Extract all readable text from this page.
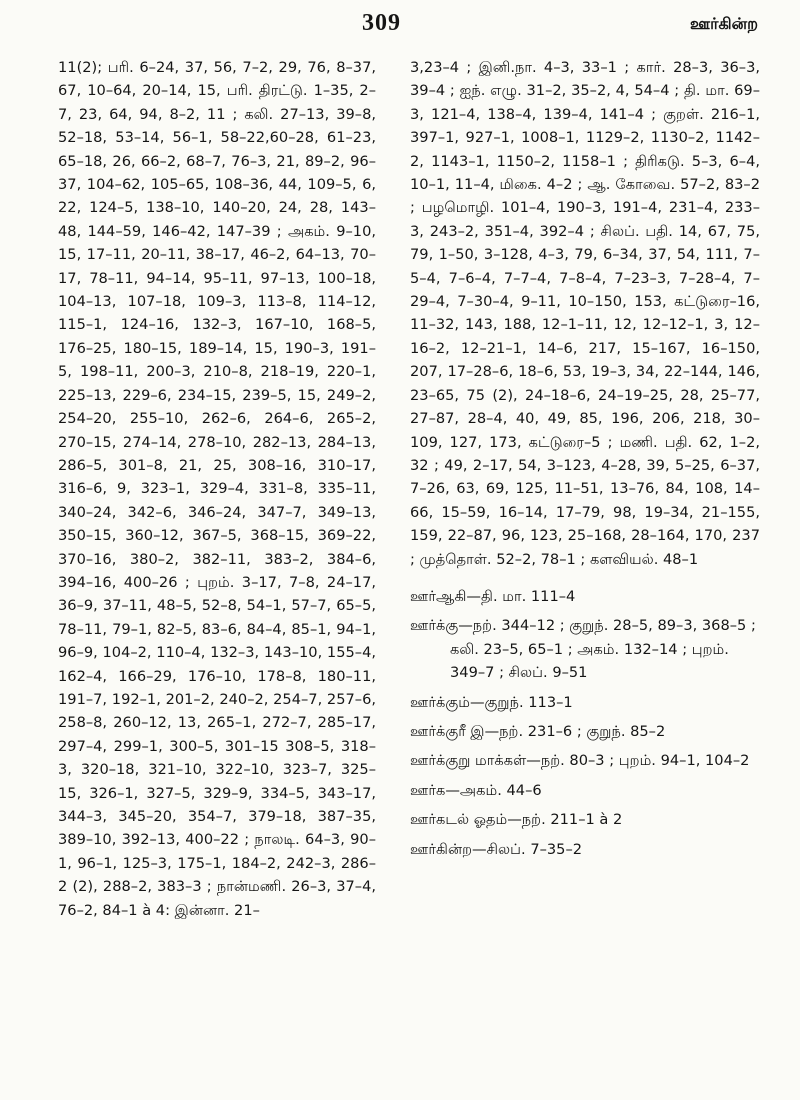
309	ஊர்கின்ற

11(2); பரி. 6–24, 37, 56, 7–2, 29, 76, 8–37, 67, 10–64, 20–14, 15, பரி. திரட்டு. 1–35, 2–7, 23, 64, 94, 8–2, 11 ; கலி. 27–13, 39–8, 52–18, 53–14, 56–1, 58–22,60–28, 61–23, 65–18, 26, 66–2, 68–7, 76–3, 21, 89–2, 96–37, 104–62, 105–65, 108–36, 44, 109–5, 6, 22, 124–5, 138–10, 140–20, 24, 28, 143–48, 144–59, 146–42, 147–39 ; அகம். 9–10, 15, 17–11, 20–11, 38–17, 46–2, 64–13, 70–17, 78–11, 94–14, 95–11, 97–13, 100–18, 104–13, 107–18, 109–3, 113–8, 114–12, 115–1, 124–16, 132–3, 167–10, 168–5, 176–25, 180–15, 189–14, 15, 190–3, 191–5, 198–11, 200–3, 210–8, 218–19, 220–1, 225–13, 229–6, 234–15, 239–5, 15, 249–2, 254–20, 255–10, 262–6, 264–6, 265–2, 270–15, 274–14, 278–10, 282–13, 284–13, 286–5, 301–8, 21, 25, 308–16, 310–17, 316–6, 9, 323–1, 329–4, 331–8, 335–11, 340–24, 342–6, 346–24, 347–7, 349–13, 350–15, 360–12, 367–5, 368–15, 369–22, 370–16, 380–2, 382–11, 383–2, 384–6, 394–16, 400–26 ; புறம். 3–17, 7–8, 24–17, 36–9, 37–11, 48–5, 52–8, 54–1, 57–7, 65–5, 78–11, 79–1, 82–5, 83–6, 84–4, 85–1, 94–1, 96–9, 104–2, 110–4, 132–3, 143–10, 155–4, 162–4, 166–29, 176–10, 178–8, 180–11, 191–7, 192–1, 201–2, 240–2, 254–7, 257–6, 258–8, 260–12, 13, 265–1, 272–7, 285–17, 297–4, 299–1, 300–5, 301–15 308–5, 318–3, 320–18, 321–10, 322–10, 323–7, 325–15, 326–1, 327–5, 329–9, 334–5, 343–17, 344–3, 345–20, 354–7, 379–18, 387–35, 389–10, 392–13, 400–22 ; நாலடி. 64–3, 90–1, 96–1, 125–3, 175–1, 184–2, 242–3, 286–2 (2), 288–2, 383–3 ; நான்மணி. 26–3, 37–4, 76–2, 84–1 à 4: இன்னா. 21–

3,23–4 ; இனி.நா. 4–3, 33–1 ; கார். 28–3, 36–3, 39–4 ; ஐந். எழு. 31–2, 35–2, 4, 54–4 ; தி. மா. 69–3, 121–4, 138–4, 139–4, 141–4 ; குறள். 216–1, 397–1, 927–1, 1008–1, 1129–2, 1130–2, 1142–2, 1143–1, 1150–2, 1158–1 ; திரிகடு. 5–3, 6–4, 10–1, 11–4, மிகை. 4–2 ; ஆ. கோவை. 57–2, 83–2 ; பழமொழி. 101–4, 190–3, 191–4, 231–4, 233–3, 243–2, 351–4, 392–4 ; சிலப். பதி. 14, 67, 75, 79, 1–50, 3–128, 4–3, 79, 6–34, 37, 54, 111, 7–5–4, 7–6–4, 7–7–4, 7–8–4, 7–23–3, 7–28–4, 7–29–4, 7–30–4, 9–11, 10–150, 153, கட்டுரை–16, 11–32, 143, 188, 12–1–11, 12, 12–12–1, 3, 12–16–2, 12–21–1, 14–6, 217, 15–167, 16–150, 207, 17–28–6, 18–6, 53, 19–3, 34, 22–144, 146, 23–65, 75 (2), 24–18–6, 24–19–25, 28, 25–77, 27–87, 28–4, 40, 49, 85, 196, 206, 218, 30–109, 127, 173, கட்டுரை–5 ; மணி. பதி. 62, 1–2, 32 ; 49, 2–17, 54, 3–123, 4–28, 39, 5–25, 6–37, 7–26, 63, 69, 125, 11–51, 13–76, 84, 108, 14–66, 15–59, 16–14, 17–79, 98, 19–34, 21–155, 159, 22–87, 96, 123, 25–168, 28–164, 170, 237 ; முத்தொள். 52–2, 78–1 ; களவியல். 48–1

ஊர்ஆகி—தி. மா. 111–4

ஊர்க்கு—நற். 344–12 ; குறுந். 28–5, 89–3, 368–5 ; கலி. 23–5, 65–1 ; அகம். 132–14 ; புறம். 349–7 ; சிலப். 9–51

ஊர்க்கும்—குறுந். 113–1

ஊர்க்குரீ இ—நற். 231–6 ; குறுந். 85–2

ஊர்க்குறு மாக்கள்—நற். 80–3 ; புறம். 94–1, 104–2

ஊர்க—அகம். 44–6

ஊர்கடல் ஓதம்—நற். 211–1 à 2

ஊர்கின்ற—சிலப். 7–35–2
